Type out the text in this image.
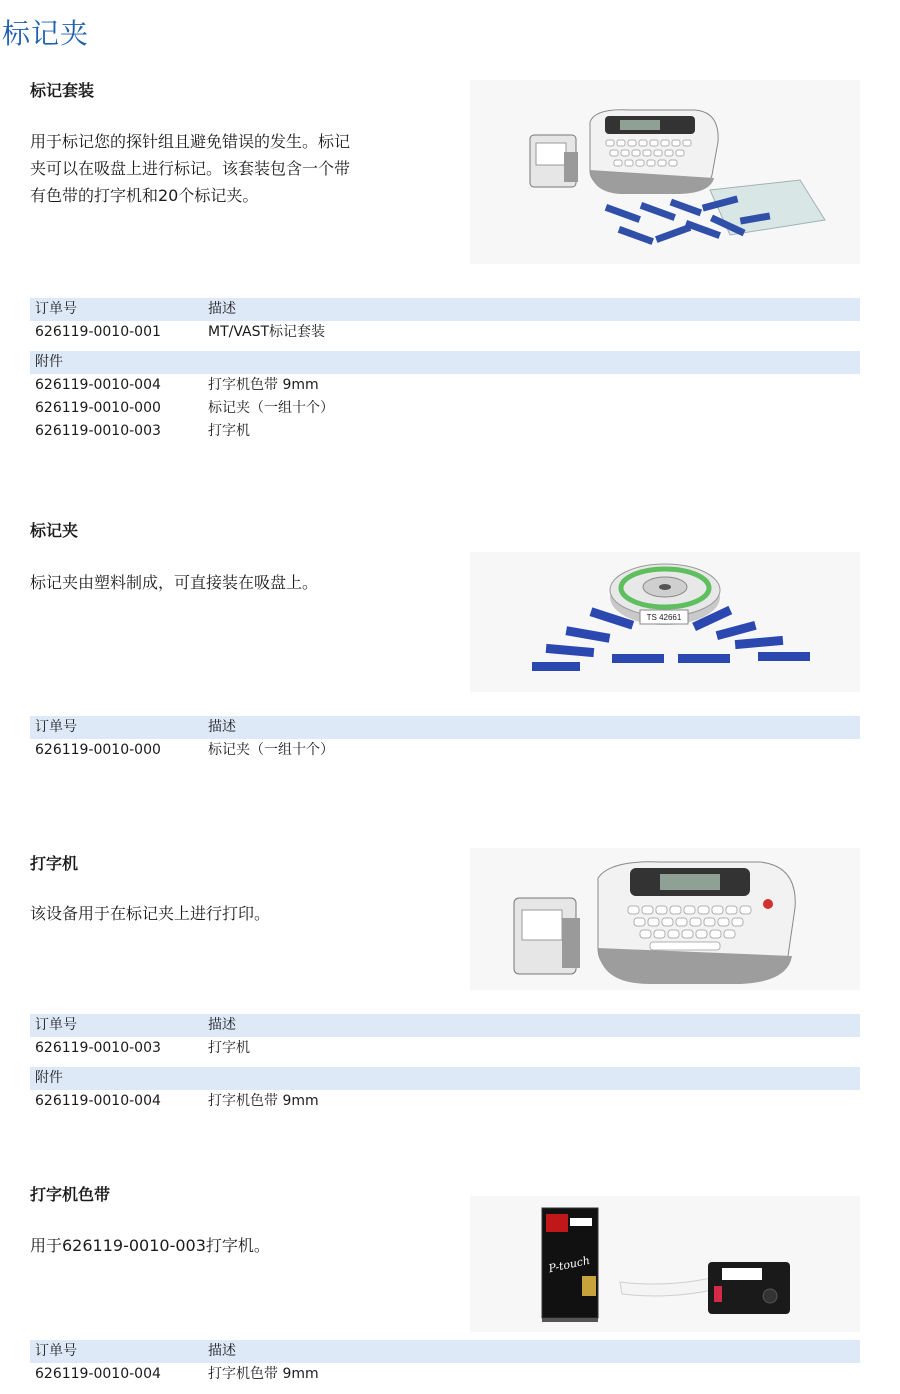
标记夹
标记套装
用于标记您的探针组且避免错误的发生。标记夹可以在吸盘上进行标记。该套装包含一个带有色带的打字机和20个标记夹。
订单号	描述
626119-0010-001	MT/VAST标记套装
附件
626119-0010-004	打字机色带 9mm
626119-0010-000	标记夹（一组十个）
626119-0010-003	打字机
标记夹
标记夹由塑料制成，可直接装在吸盘上。
TS 42661
订单号	描述
626119-0010-000	标记夹（一组十个）
打字机
该设备用于在标记夹上进行打印。
订单号	描述
626119-0010-003	打字机
附件
626119-0010-004	打字机色带 9mm
打字机色带
用于626119-0010-003打字机。
P-touch
订单号	描述
626119-0010-004	打字机色带 9mm
